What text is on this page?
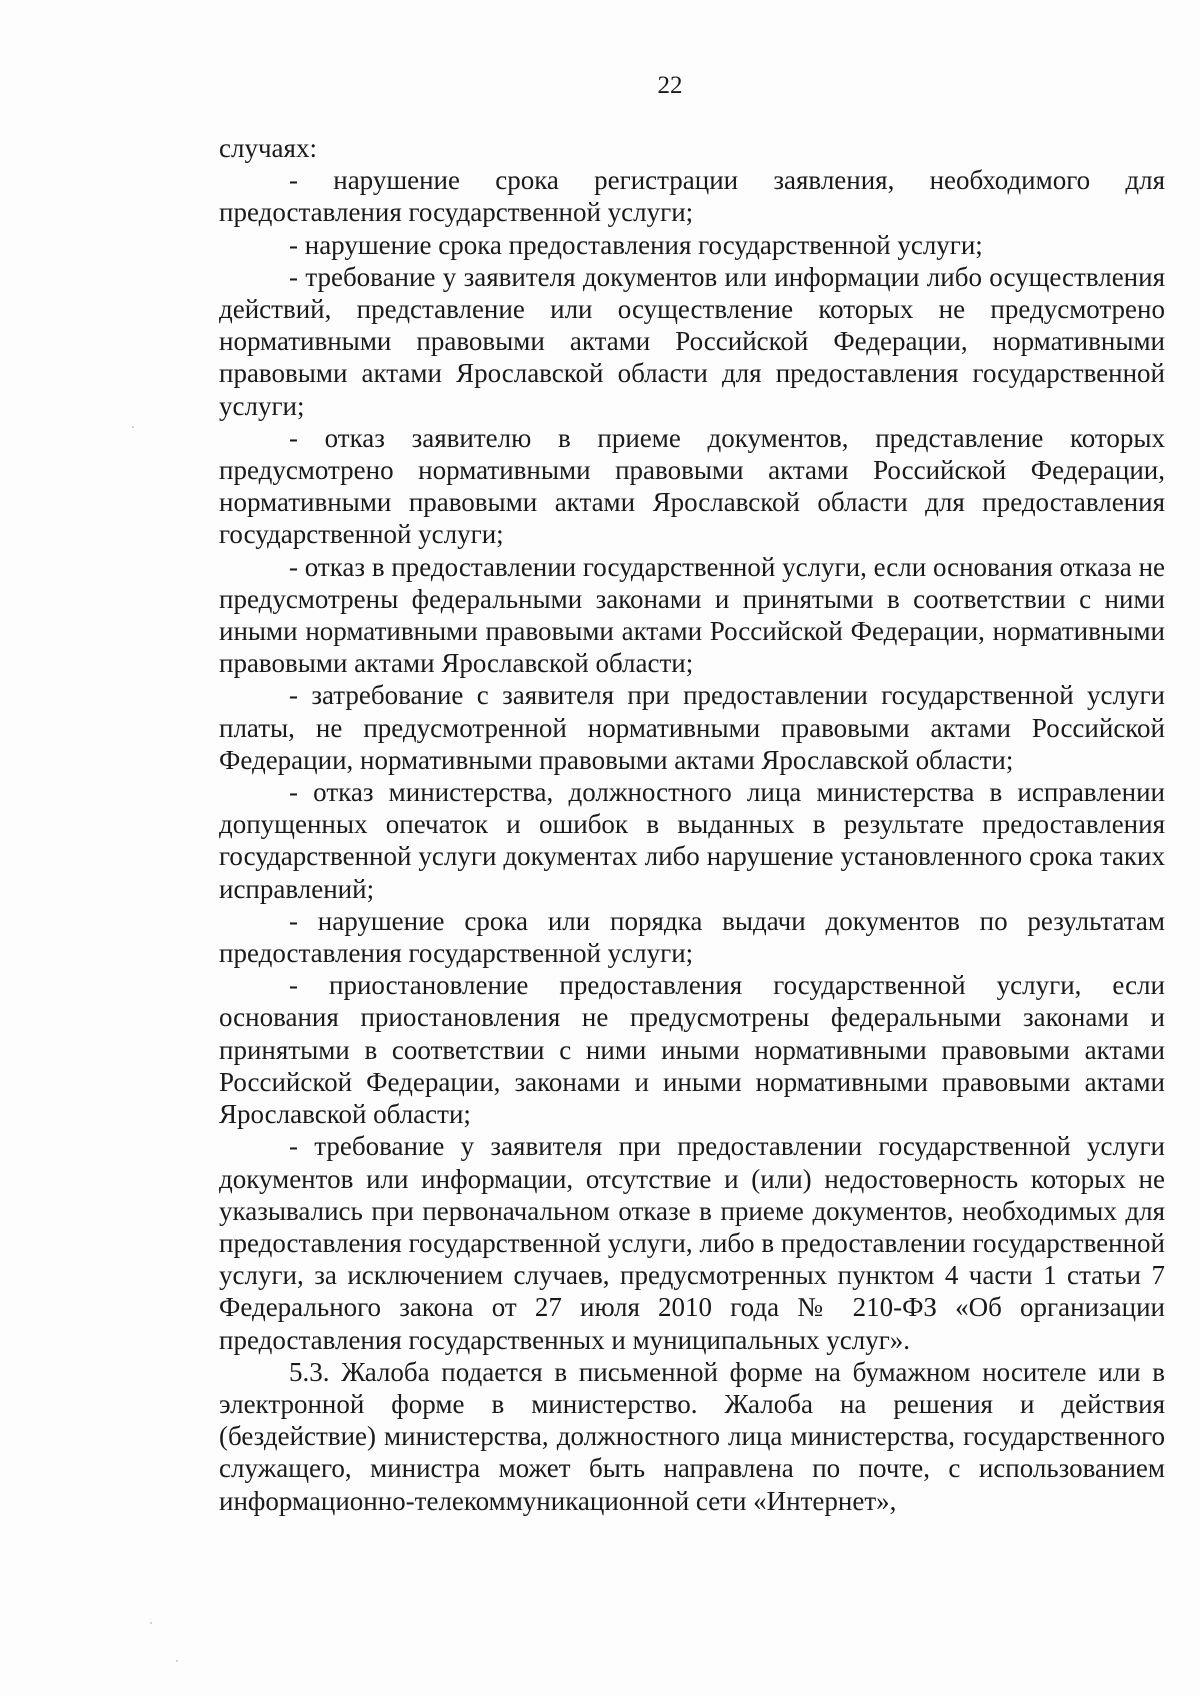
22

случаях:

- нарушение срока регистрации заявления, необходимого для предоставления государственной услуги;

- нарушение срока предоставления государственной услуги;

- требование у заявителя документов или информации либо осуществления действий, представление или осуществление которых не предусмотрено нормативными правовыми актами Российской Федерации, нормативными правовыми актами Ярославской области для предоставления государственной услуги;

- отказ заявителю в приеме документов, представление которых предусмотрено нормативными правовыми актами Российской Федерации, нормативными правовыми актами Ярославской области для предоставления государственной услуги;

- отказ в предоставлении государственной услуги, если основания отказа не предусмотрены федеральными законами и принятыми в соответствии с ними иными нормативными правовыми актами Российской Федерации, нормативными правовыми актами Ярославской области;

- затребование с заявителя при предоставлении государственной услуги платы, не предусмотренной нормативными правовыми актами Российской Федерации, нормативными правовыми актами Ярославской области;

- отказ министерства, должностного лица министерства в исправлении допущенных опечаток и ошибок в выданных в результате предоставления государственной услуги документах либо нарушение установленного срока таких исправлений;

- нарушение срока или порядка выдачи документов по результатам предоставления государственной услуги;

- приостановление предоставления государственной услуги, если основания приостановления не предусмотрены федеральными законами и принятыми в соответствии с ними иными нормативными правовыми актами Российской Федерации, законами и иными нормативными правовыми актами Ярославской области;

- требование у заявителя при предоставлении государственной услуги документов или информации, отсутствие и (или) недостоверность которых не указывались при первоначальном отказе в приеме документов, необходимых для предоставления государственной услуги, либо в предоставлении государственной услуги, за исключением случаев, предусмотренных пунктом 4 части 1 статьи 7 Федерального закона от 27 июля 2010 года № 210-ФЗ «Об организации предоставления государственных и муниципальных услуг».

5.3. Жалоба подается в письменной форме на бумажном носителе или в электронной форме в министерство. Жалоба на решения и действия (бездействие) министерства, должностного лица министерства, государственного служащего, министра может быть направлена по почте, с использованием информационно-телекоммуникационной сети «Интернет»,
